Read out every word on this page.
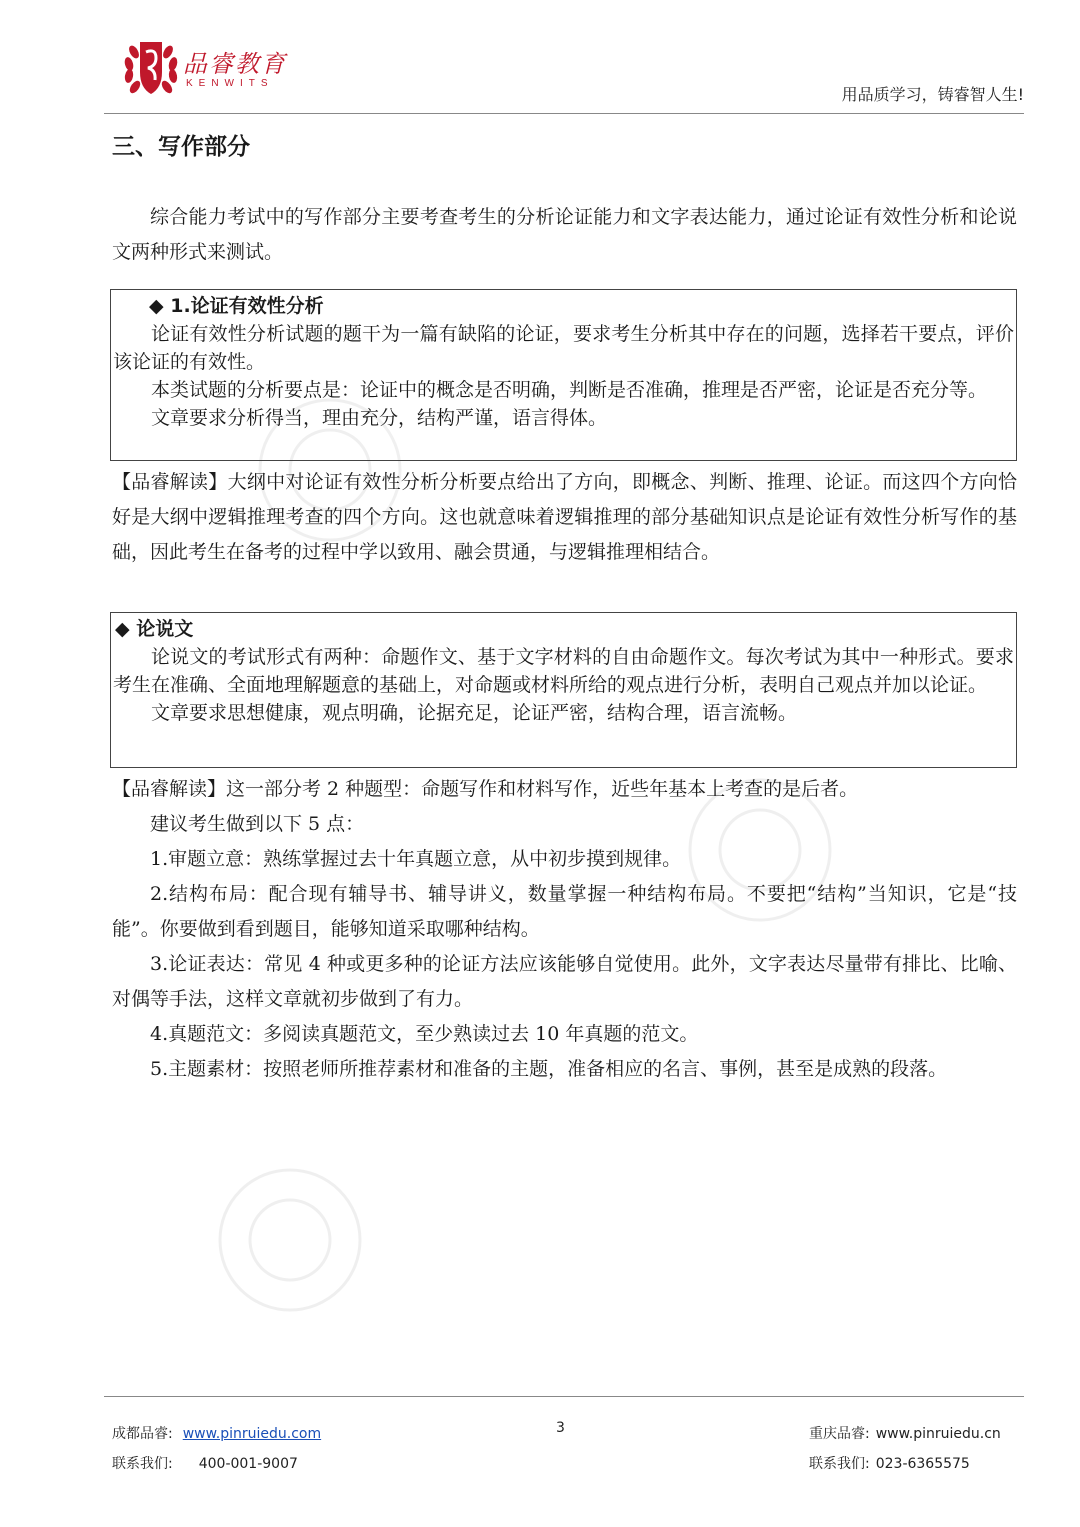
品睿教育
KENWITS
用品质学习，铸睿智人生!
三、写作部分

综合能力考试中的写作部分主要考查考生的分析论证能力和文字表达能力，通过论证有效性分析和论说文两种形式来测试。

◆ 1.论证有效性分析

论证有效性分析试题的题干为一篇有缺陷的论证，要求考生分析其中存在的问题，选择若干要点，评价该论证的有效性。

本类试题的分析要点是：论证中的概念是否明确，判断是否准确，推理是否严密，论证是否充分等。

文章要求分析得当，理由充分，结构严谨，语言得体。

【品睿解读】大纲中对论证有效性分析分析要点给出了方向，即概念、判断、推理、论证。而这四个方向恰好是大纲中逻辑推理考查的四个方向。这也就意味着逻辑推理的部分基础知识点是论证有效性分析写作的基础，因此考生在备考的过程中学以致用、融会贯通，与逻辑推理相结合。

◆ 论说文

论说文的考试形式有两种：命题作文、基于文字材料的自由命题作文。每次考试为其中一种形式。要求考生在准确、全面地理解题意的基础上，对命题或材料所给的观点进行分析，表明自己观点并加以论证。

文章要求思想健康，观点明确，论据充足，论证严密，结构合理，语言流畅。

【品睿解读】这一部分考 2 种题型：命题写作和材料写作，近些年基本上考查的是后者。

建议考生做到以下 5 点：

1.审题立意：熟练掌握过去十年真题立意，从中初步摸到规律。

2.结构布局：配合现有辅导书、辅导讲义，数量掌握一种结构布局。不要把“结构”当知识，它是“技能”。你要做到看到题目，能够知道采取哪种结构。

3.论证表达：常见 4 种或更多种的论证方法应该能够自觉使用。此外，文字表达尽量带有排比、比喻、对偶等手法，这样文章就初步做到了有力。

4.真题范文：多阅读真题范文，至少熟读过去 10 年真题的范文。

5.主题素材：按照老师所推荐素材和准备的主题，准备相应的名言、事例，甚至是成熟的段落。

成都品睿: www.pinruiedu.com
联系我们: 400-001-9007
3	重庆品睿: www.pinruiedu.cn
联系我们: 023-6365575
